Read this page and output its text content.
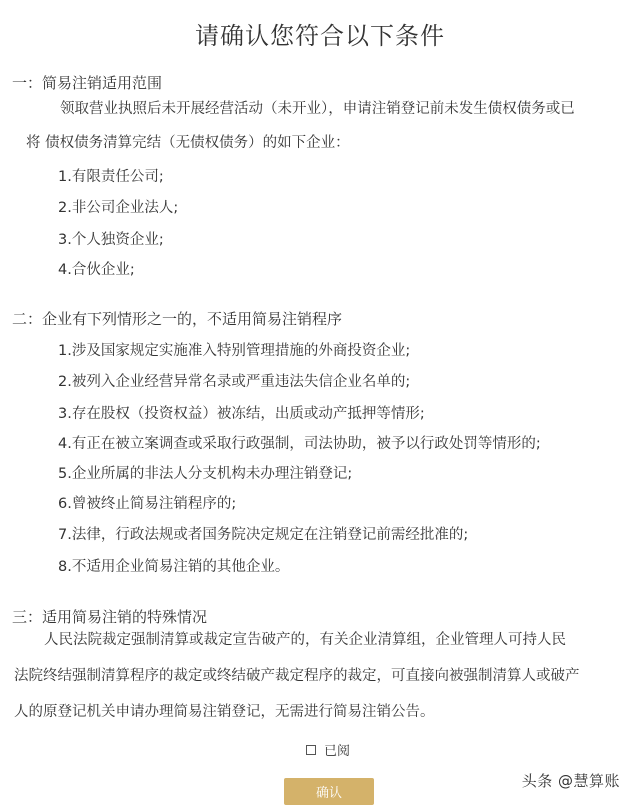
请确认您符合以下条件
一：简易注销适用范围
领取营业执照后未开展经营活动（未开业），申请注销登记前未发生债权债务或已
将 债权债务清算完结（无债权债务）的如下企业：
1.有限责任公司;
2.非公司企业法人;
3.个人独资企业;
4.合伙企业;
二：企业有下列情形之一的，不适用简易注销程序
1.涉及国家规定实施准入特别管理措施的外商投资企业;
2.被列入企业经营异常名录或严重违法失信企业名单的;
3.存在股权（投资权益）被冻结，出质或动产抵押等情形;
4.有正在被立案调查或采取行政强制，司法协助，被予以行政处罚等情形的;
5.企业所属的非法人分支机构未办理注销登记;
6.曾被终止简易注销程序的;
7.法律，行政法规或者国务院决定规定在注销登记前需经批准的;
8.不适用企业简易注销的其他企业。
三：适用简易注销的特殊情况
人民法院裁定强制清算或裁定宣告破产的，有关企业清算组，企业管理人可持人民
法院终结强制清算程序的裁定或终结破产裁定程序的裁定，可直接向被强制清算人或破产
人的原登记机关申请办理简易注销登记，无需进行简易注销公告。
已阅
确认
头条 @慧算账
